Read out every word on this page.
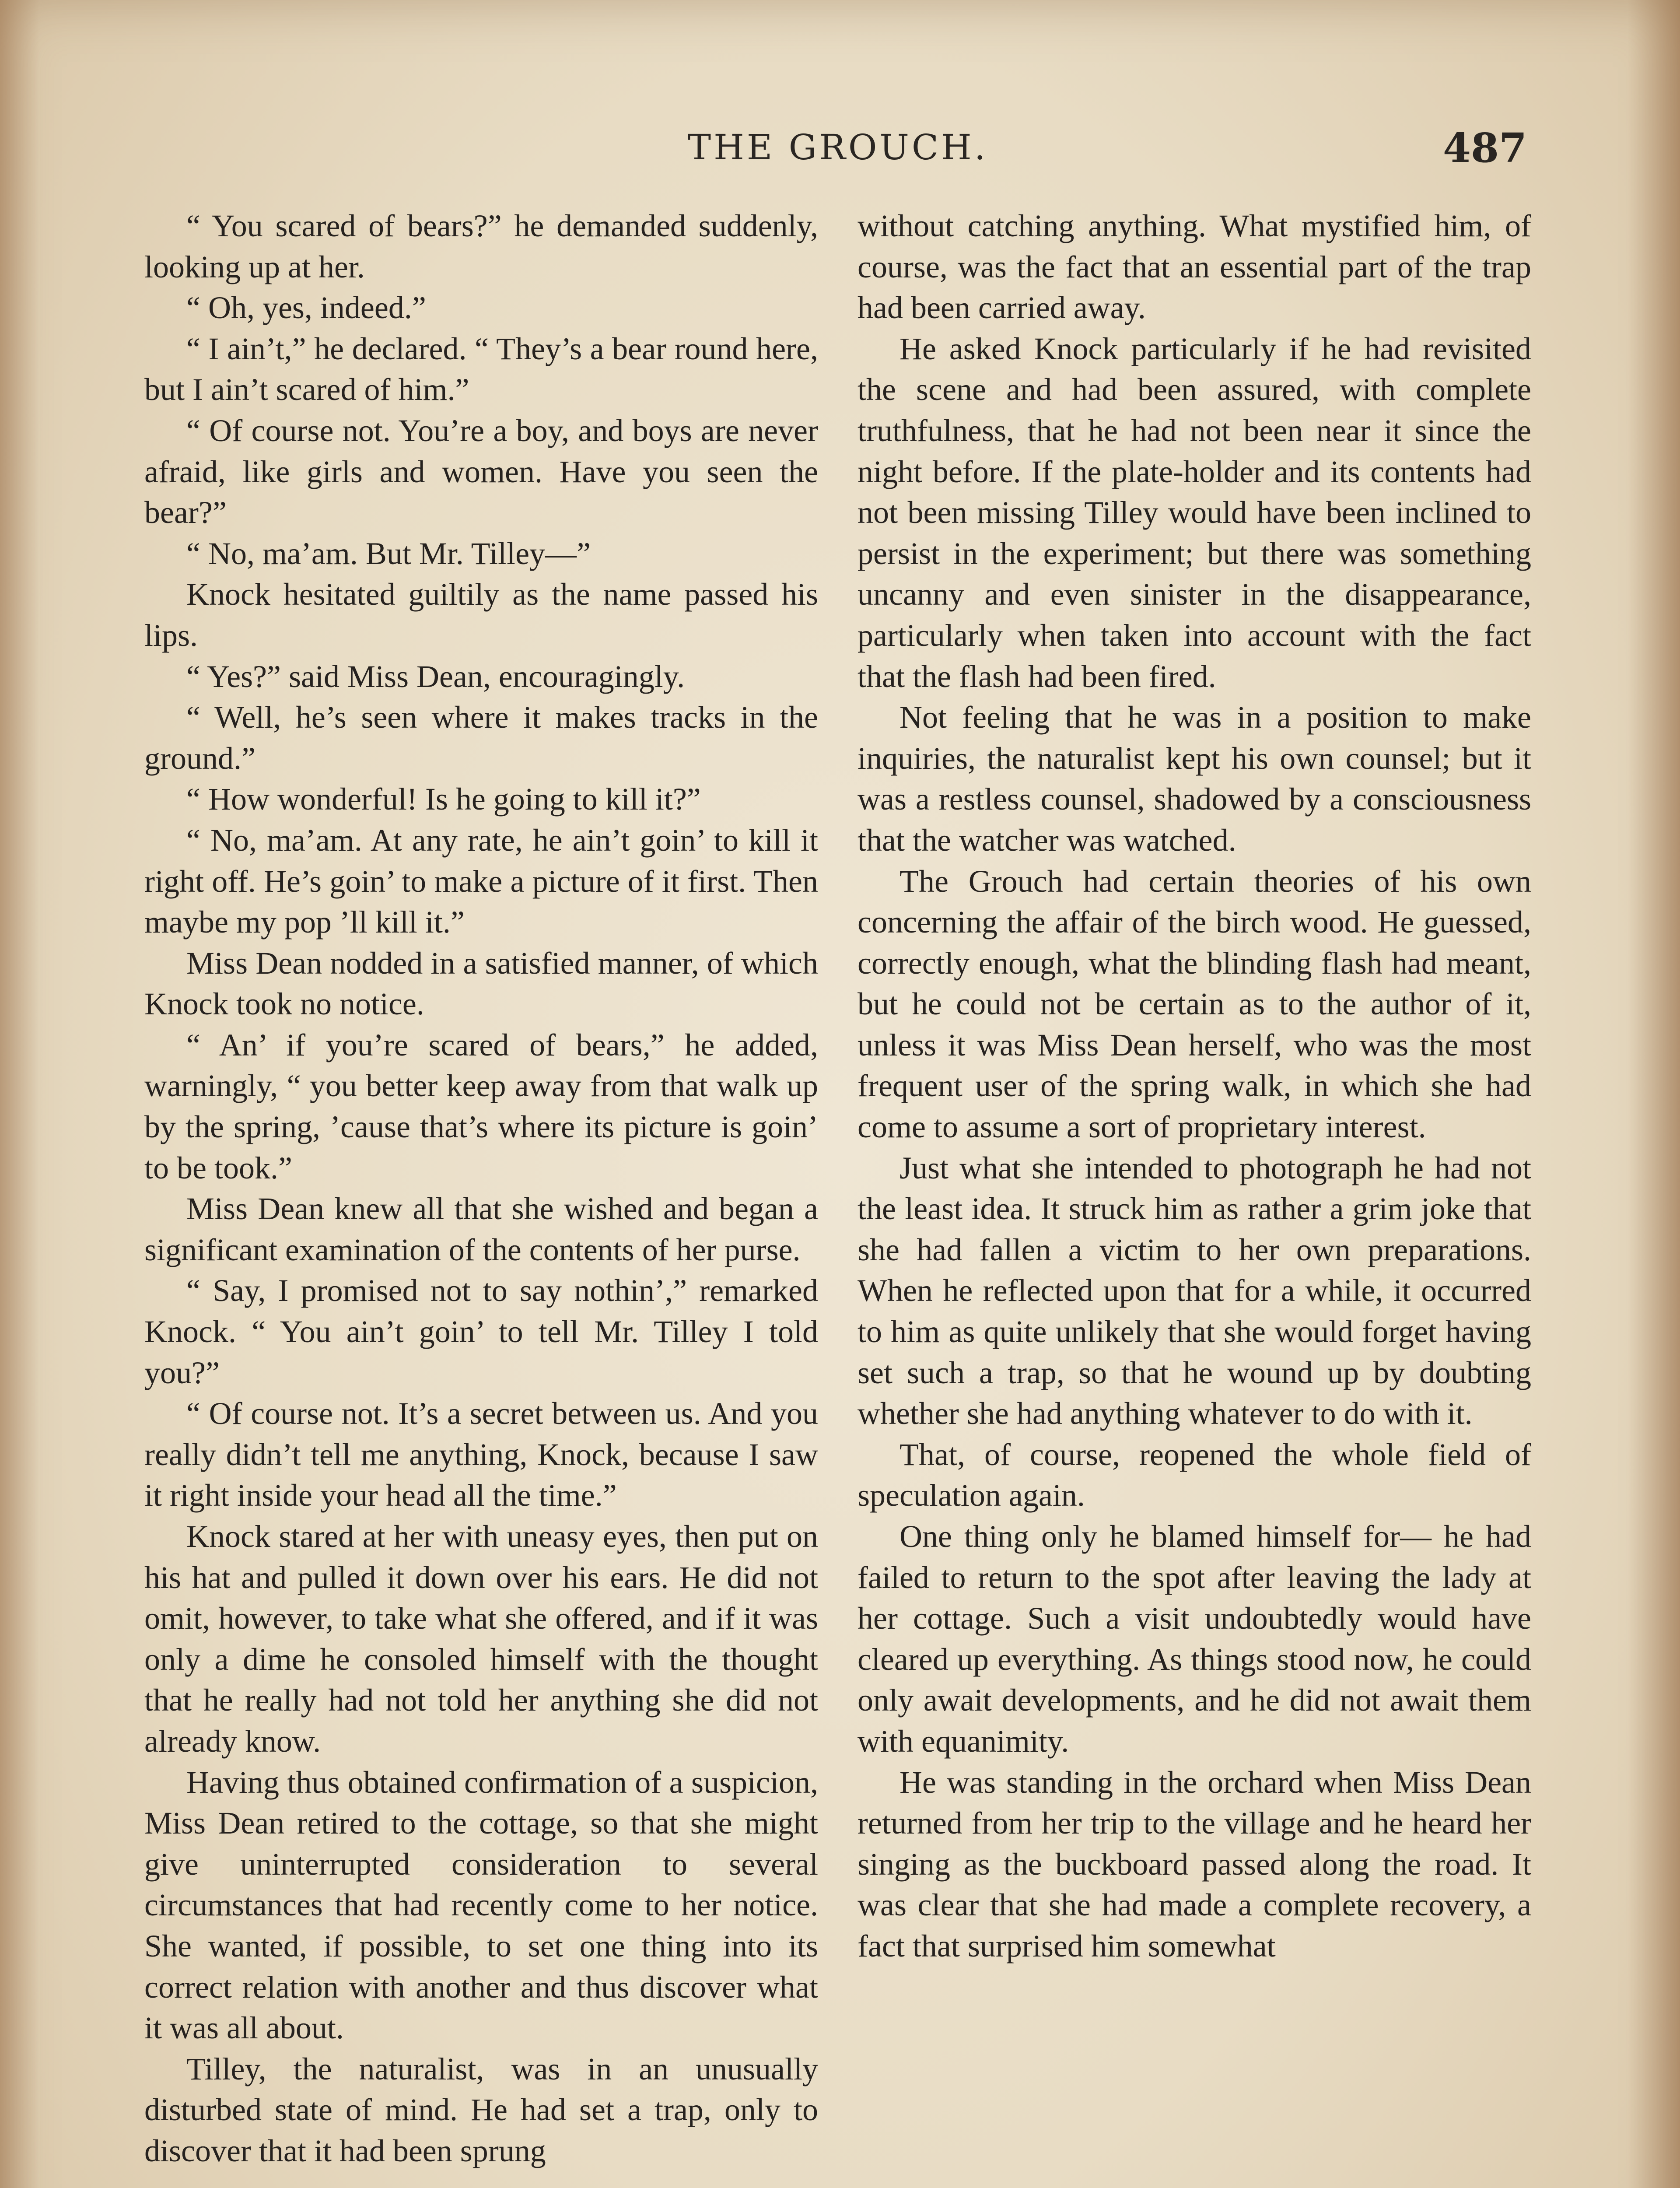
THE GROUCH.	487

“ You scared of bears?” he demanded suddenly, looking up at her.

“ Oh, yes, indeed.”

“ I ain’t,” he declared. “ They’s a bear round here, but I ain’t scared of him.”

“ Of course not. You’re a boy, and boys are never afraid, like girls and women. Have you seen the bear?”

“ No, ma’am. But Mr. Tilley—”

Knock hesitated guiltily as the name passed his lips.

“ Yes?” said Miss Dean, encouragingly.

“ Well, he’s seen where it makes tracks in the ground.”

“ How wonderful! Is he going to kill it?”

“ No, ma’am. At any rate, he ain’t goin’ to kill it right off. He’s goin’ to make a picture of it first. Then maybe my pop ’ll kill it.”

Miss Dean nodded in a satisfied manner, of which Knock took no notice.

“ An’ if you’re scared of bears,” he added, warningly, “ you better keep away from that walk up by the spring, ’cause that’s where its picture is goin’ to be took.”

Miss Dean knew all that she wished and began a significant examination of the contents of her purse.

“ Say, I promised not to say nothin’,” remarked Knock. “ You ain’t goin’ to tell Mr. Tilley I told you?”

“ Of course not. It’s a secret between us. And you really didn’t tell me anything, Knock, because I saw it right inside your head all the time.”

Knock stared at her with uneasy eyes, then put on his hat and pulled it down over his ears. He did not omit, however, to take what she offered, and if it was only a dime he consoled himself with the thought that he really had not told her anything she did not already know.

Having thus obtained confirmation of a suspicion, Miss Dean retired to the cottage, so that she might give uninterrupted consideration to several circumstances that had recently come to her notice. She wanted, if possible, to set one thing into its correct relation with another and thus discover what it was all about.

Tilley, the naturalist, was in an unusually disturbed state of mind. He had set a trap, only to discover that it had been sprung

without catching anything. What mystified him, of course, was the fact that an essential part of the trap had been carried away.

He asked Knock particularly if he had revisited the scene and had been assured, with complete truthfulness, that he had not been near it since the night before. If the plate-holder and its contents had not been missing Tilley would have been inclined to persist in the experiment; but there was something uncanny and even sinister in the disappearance, particularly when taken into account with the fact that the flash had been fired.

Not feeling that he was in a position to make inquiries, the naturalist kept his own counsel; but it was a restless counsel, shadowed by a consciousness that the watcher was watched.

The Grouch had certain theories of his own concerning the affair of the birch wood. He guessed, correctly enough, what the blinding flash had meant, but he could not be certain as to the author of it, unless it was Miss Dean herself, who was the most frequent user of the spring walk, in which she had come to assume a sort of proprietary interest.

Just what she intended to photograph he had not the least idea. It struck him as rather a grim joke that she had fallen a victim to her own preparations. When he reflected upon that for a while, it occurred to him as quite unlikely that she would forget having set such a trap, so that he wound up by doubting whether she had anything whatever to do with it.

That, of course, reopened the whole field of speculation again.

One thing only he blamed himself for— he had failed to return to the spot after leaving the lady at her cottage. Such a visit undoubtedly would have cleared up everything. As things stood now, he could only await developments, and he did not await them with equanimity.

He was standing in the orchard when Miss Dean returned from her trip to the village and he heard her singing as the buckboard passed along the road. It was clear that she had made a complete recovery, a fact that surprised him somewhat
